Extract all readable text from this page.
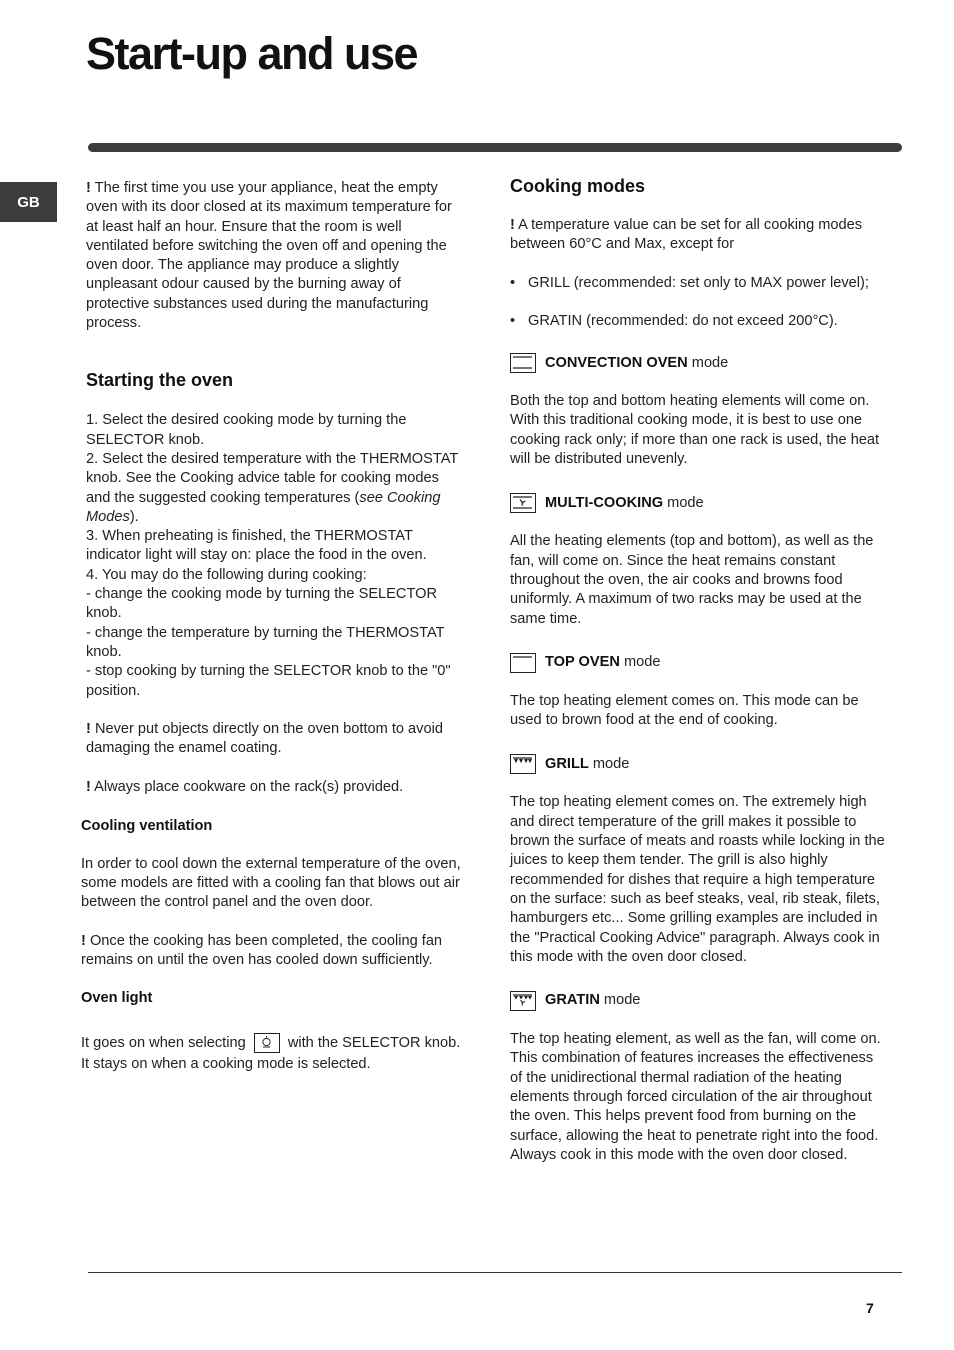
Start-up and use
GB

! The first time you use your appliance, heat the empty oven with its door closed at its maximum temperature for at least half an hour. Ensure that the room is well ventilated before switching the oven off and opening the oven door. The appliance may produce a slightly unpleasant odour caused by the burning away of protective substances used during the manufacturing process.

Starting the oven

1. Select the desired cooking mode by turning the SELECTOR knob.

2. Select the desired temperature with the THERMOSTAT knob. See the Cooking advice table for cooking modes and the suggested cooking temperatures (see Cooking Modes).

3. When preheating is finished, the THERMOSTAT indicator light will stay on: place the food in the oven.

4. You may do the following during cooking:

- change the cooking mode by turning the SELECTOR knob.

- change the temperature by turning the THERMOSTAT knob.

- stop cooking by turning the SELECTOR knob to the "0" position.

! Never put objects directly on the oven bottom to avoid damaging the enamel coating.

! Always place cookware on the rack(s) provided.

Cooling ventilation

In order to cool down the external temperature of the oven, some models are fitted with a cooling fan that blows out air between the control panel and the oven door.

! Once the cooking has been completed, the cooling fan remains on until the oven has cooled down sufficiently.

Oven light

It goes on when selecting	with the SELECTOR knob. It stays on when a cooking mode is selected.

Cooking modes

! A temperature value can be set for all cooking modes between 60°C and Max, except for

• GRILL (recommended: set only to MAX power level);
• GRATIN (recommended: do not exceed 200°C).
CONVECTION OVEN
mode

Both the top and bottom heating elements will come on. With this traditional cooking mode, it is best to use one cooking rack only; if more than one rack is used, the heat will be distributed unevenly.

MULTI-COOKING
mode

All the heating elements (top and bottom), as well as the fan, will come on. Since the heat remains constant throughout the oven, the air cooks and browns food uniformly. A maximum of two racks may be used at the same time.

TOP OVEN
mode

The top heating element comes on. This mode can be used to brown food at the end of cooking.

GRILL
mode

The top heating element comes on. The extremely high and direct temperature of the grill makes it possible to brown the surface of meats and roasts while locking in the juices to keep them tender. The grill is also highly recommended for dishes that require a high temperature on the surface: such as beef steaks, veal, rib steak, filets, hamburgers etc... Some grilling examples are included in the "Practical Cooking Advice" paragraph. Always cook in this mode with the oven door closed.

GRATIN
mode

The top heating element, as well as the fan, will come on. This combination of features increases the effectiveness of the unidirectional thermal radiation of the heating elements through forced circulation of the air throughout the oven. This helps prevent food from burning on the surface, allowing the heat to penetrate right into the food. Always cook in this mode with the oven door closed.

7
